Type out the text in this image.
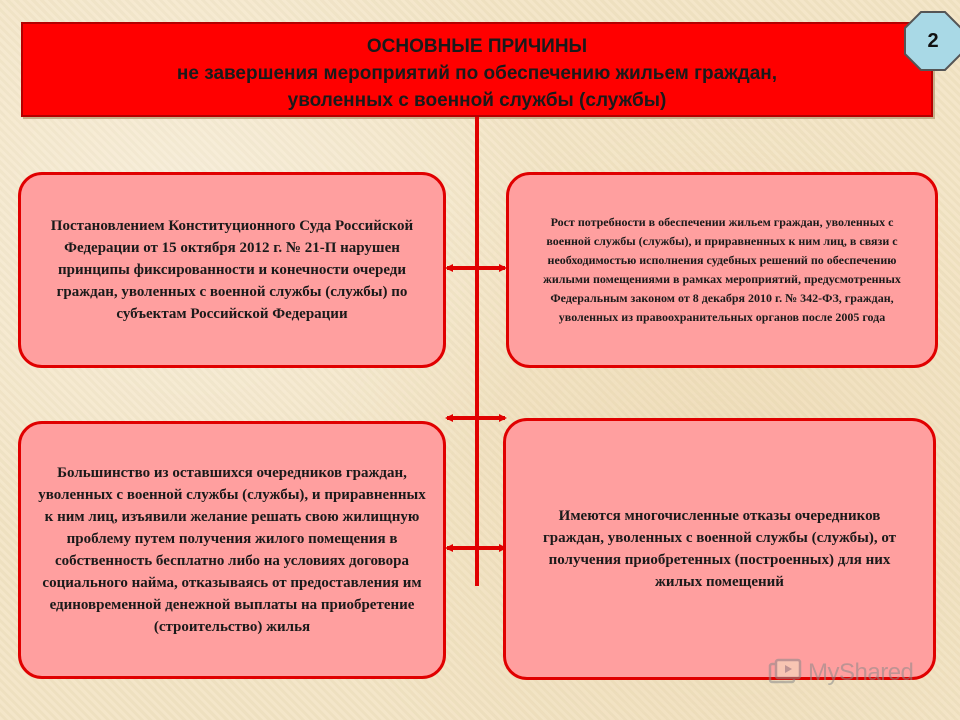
ОСНОВНЫЕ ПРИЧИНЫ
не завершения мероприятий по обеспечению жильем граждан,
уволенных с военной службы (службы)
2
Постановлением Конституционного Суда Российской Федерации от 15 октября 2012 г. № 21-П нарушен принципы фиксированности и конечности очереди граждан, уволенных с военной службы (службы) по субъектам Российской Федерации
Рост потребности в обеспечении жильем граждан, уволенных с военной службы (службы), и приравненных к ним лиц, в связи с необходимостью исполнения судебных решений по обеспечению жилыми помещениями в рамках мероприятий, предусмотренных Федеральным законом от 8 декабря 2010 г. № 342-ФЗ, граждан, уволенных из правоохранительных органов после 2005 года
Большинство из оставшихся очередников граждан, уволенных с военной службы (службы), и приравненных к ним лиц, изъявили желание решать свою жилищную проблему путем получения жилого помещения в собственность бесплатно либо на условиях договора социального найма, отказываясь от предоставления им единовременной денежной выплаты на приобретение (строительство) жилья
Имеются многочисленные отказы очередников граждан, уволенных с военной службы (службы), от получения приобретенных (построенных) для них жилых помещений
MyShared
